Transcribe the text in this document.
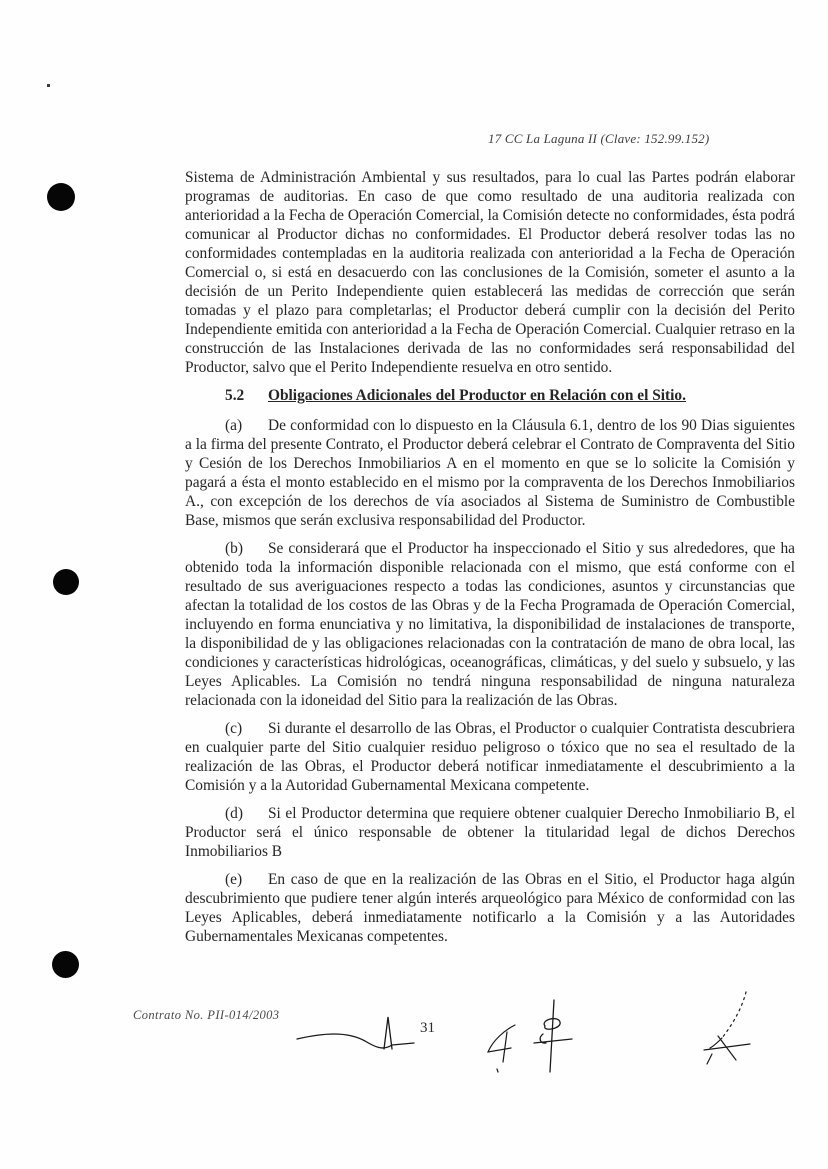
17 CC La Laguna II (Clave: 152.99.152)

Sistema de Administración Ambiental y sus resultados, para lo cual las Partes podrán elaborar programas de auditorias. En caso de que como resultado de una auditoria realizada con anterioridad a la Fecha de Operación Comercial, la Comisión detecte no conformidades, ésta podrá comunicar al Productor dichas no conformidades. El Productor deberá resolver todas las no conformidades contempladas en la auditoria realizada con anterioridad a la Fecha de Operación Comercial o, si está en desacuerdo con las conclusiones de la Comisión, someter el asunto a la decisión de un Perito Independiente quien establecerá las medidas de corrección que serán tomadas y el plazo para completarlas; el Productor deberá cumplir con la decisión del Perito Independiente emitida con anterioridad a la Fecha de Operación Comercial. Cualquier retraso en la construcción de las Instalaciones derivada de las no conformidades será responsabilidad del Productor, salvo que el Perito Independiente resuelva en otro sentido.

5.2 Obligaciones Adicionales del Productor en Relación con el Sitio.

(a) De conformidad con lo dispuesto en la Cláusula 6.1, dentro de los 90 Dias siguientes a la firma del presente Contrato, el Productor deberá celebrar el Contrato de Compraventa del Sitio y Cesión de los Derechos Inmobiliarios A en el momento en que se lo solicite la Comisión y pagará a ésta el monto establecido en el mismo por la compraventa de los Derechos Inmobiliarios A., con excepción de los derechos de vía asociados al Sistema de Suministro de Combustible Base, mismos que serán exclusiva responsabilidad del Productor.

(b) Se considerará que el Productor ha inspeccionado el Sitio y sus alrededores, que ha obtenido toda la información disponible relacionada con el mismo, que está conforme con el resultado de sus averiguaciones respecto a todas las condiciones, asuntos y circunstancias que afectan la totalidad de los costos de las Obras y de la Fecha Programada de Operación Comercial, incluyendo en forma enunciativa y no limitativa, la disponibilidad de instalaciones de transporte, la disponibilidad de y las obligaciones relacionadas con la contratación de mano de obra local, las condiciones y características hidrológicas, oceanográficas, climáticas, y del suelo y subsuelo, y las Leyes Aplicables. La Comisión no tendrá ninguna responsabilidad de ninguna naturaleza relacionada con la idoneidad del Sitio para la realización de las Obras.

(c) Si durante el desarrollo de las Obras, el Productor o cualquier Contratista descubriera en cualquier parte del Sitio cualquier residuo peligroso o tóxico que no sea el resultado de la realización de las Obras, el Productor deberá notificar inmediatamente el descubrimiento a la Comisión y a la Autoridad Gubernamental Mexicana competente.

(d) Si el Productor determina que requiere obtener cualquier Derecho Inmobiliario B, el Productor será el único responsable de obtener la titularidad legal de dichos Derechos Inmobiliarios B

(e) En caso de que en la realización de las Obras en el Sitio, el Productor haga algún descubrimiento que pudiere tener algún interés arqueológico para México de conformidad con las Leyes Aplicables, deberá inmediatamente notificarlo a la Comisión y a las Autoridades Gubernamentales Mexicanas competentes.

Contrato No. PII-014/2003
31
